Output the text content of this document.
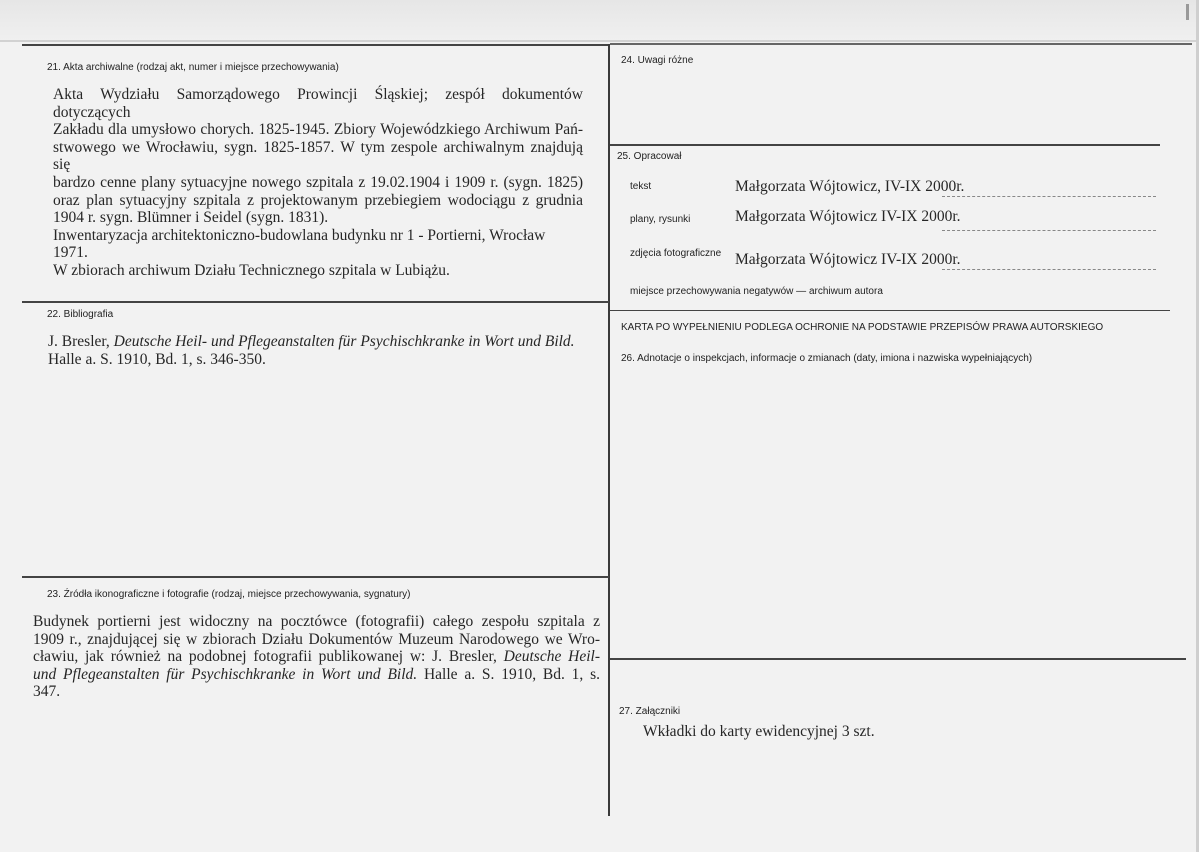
21. Akta archiwalne (rodzaj akt, numer i miejsce przechowywania)
Akta Wydziału Samorządowego Prowincji Śląskiej; zespół dokumentów dotyczących
Zakładu dla umysłowo chorych. 1825-1945. Zbiory Wojewódzkiego Archiwum Pań-
stwowego we Wrocławiu, sygn. 1825-1857. W tym zespole archiwalnym znajdują się
bardzo cenne plany sytuacyjne nowego szpitala z 19.02.1904 i 1909 r. (sygn. 1825)
oraz plan sytuacyjny szpitala z projektowanym przebiegiem wodociągu z grudnia
1904 r. sygn. Blümner i Seidel (sygn. 1831).
Inwentaryzacja architektoniczno-budowlana budynku nr 1 - Portierni, Wrocław 1971.
W zbiorach archiwum Działu Technicznego szpitala w Lubiążu.
22. Bibliografia
J. Bresler, Deutsche Heil- und Pflegeanstalten für Psychischkranke in Wort und Bild.
Halle a. S. 1910, Bd. 1, s. 346-350.
23. Źródła ikonograficzne i fotografie (rodzaj, miejsce przechowywania, sygnatury)
Budynek portierni jest widoczny na pocztówce (fotografii) całego zespołu szpitala z
1909 r., znajdującej się w zbiorach Działu Dokumentów Muzeum Narodowego we Wro-
cławiu, jak również na podobnej fotografii publikowanej w: J. Bresler, Deutsche Heil-
und Pflegeanstalten für Psychischkranke in Wort und Bild. Halle a. S. 1910, Bd. 1, s.
347.
24. Uwagi różne
25. Opracował
tekst	Małgorzata Wójtowicz, IV-IX 2000r.
plany, rysunki	Małgorzata Wójtowicz IV-IX 2000r.
zdjęcia fotograficzne Małgorzata Wójtowicz IV-IX 2000r.
miejsce przechowywania negatywów — archiwum autora
KARTA PO WYPEŁNIENIU PODLEGA OCHRONIE NA PODSTAWIE PRZEPISÓW PRAWA AUTORSKIEGO
26. Adnotacje o inspekcjach, informacje o zmianach (daty, imiona i nazwiska wypełniających)
27. Załączniki
Wkładki do karty ewidencyjnej 3 szt.
